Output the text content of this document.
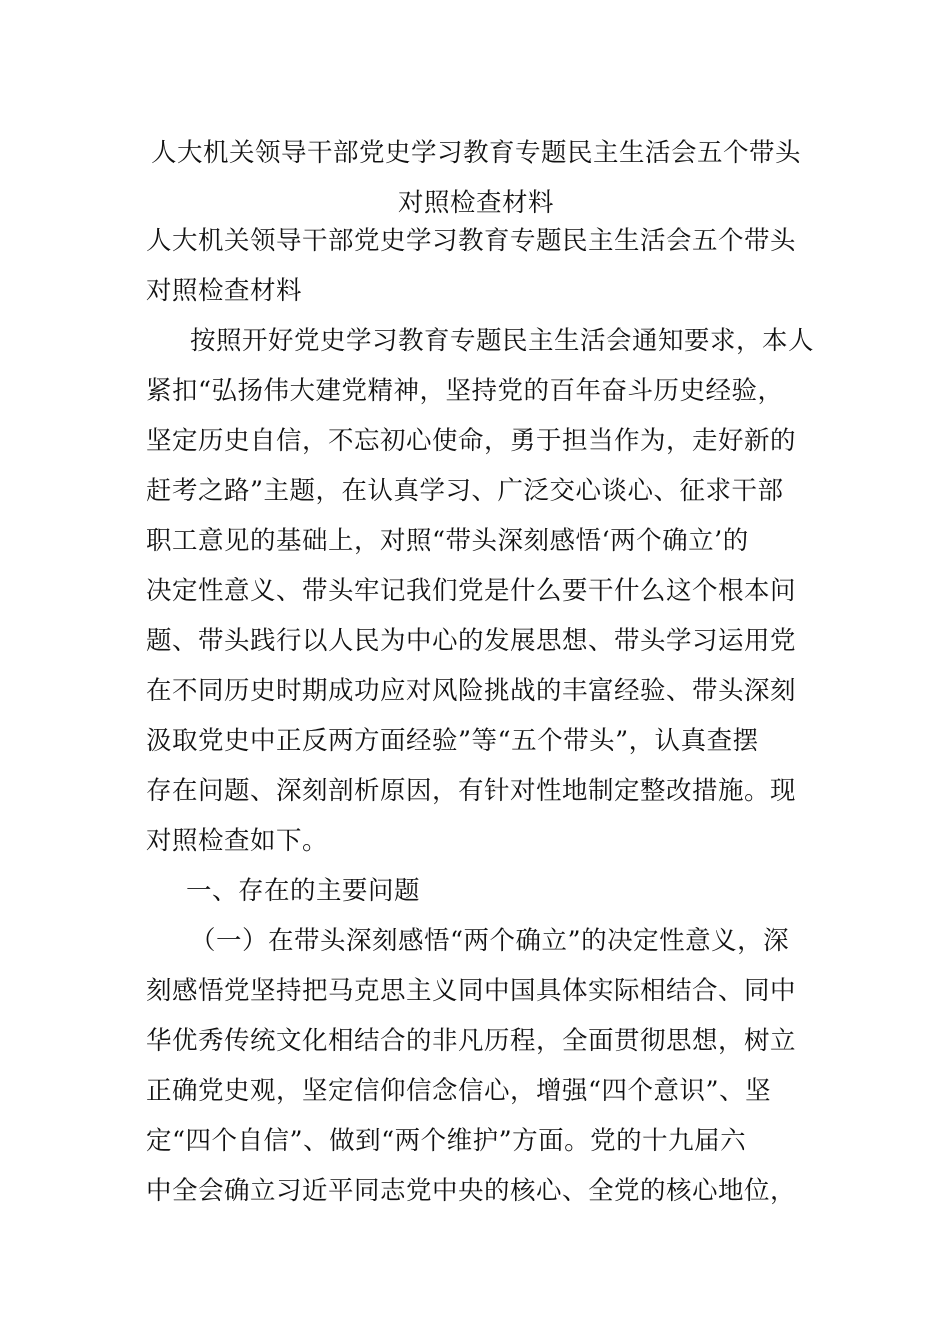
人大机关领导干部党史学习教育专题民主生活会五个带头
对照检查材料
人大机关领导干部党史学习教育专题民主生活会五个带头
对照检查材料
按照开好党史学习教育专题民主生活会通知要求，本人
紧扣“弘扬伟大建党精神，坚持党的百年奋斗历史经验，
坚定历史自信，不忘初心使命，勇于担当作为，走好新的
赶考之路”主题，在认真学习、广泛交心谈心、征求干部
职工意见的基础上，对照“带头深刻感悟‘两个确立’的
决定性意义、带头牢记我们党是什么要干什么这个根本问
题、带头践行以人民为中心的发展思想、带头学习运用党
在不同历史时期成功应对风险挑战的丰富经验、带头深刻
汲取党史中正反两方面经验”等“五个带头”，认真查摆
存在问题、深刻剖析原因，有针对性地制定整改措施。现
对照检查如下。
一、存在的主要问题
（一）在带头深刻感悟“两个确立”的决定性意义，深
刻感悟党坚持把马克思主义同中国具体实际相结合、同中
华优秀传统文化相结合的非凡历程，全面贯彻思想，树立
正确党史观，坚定信仰信念信心，增强“四个意识”、坚
定“四个自信”、做到“两个维护”方面。党的十九届六
中全会确立习近平同志党中央的核心、全党的核心地位，
